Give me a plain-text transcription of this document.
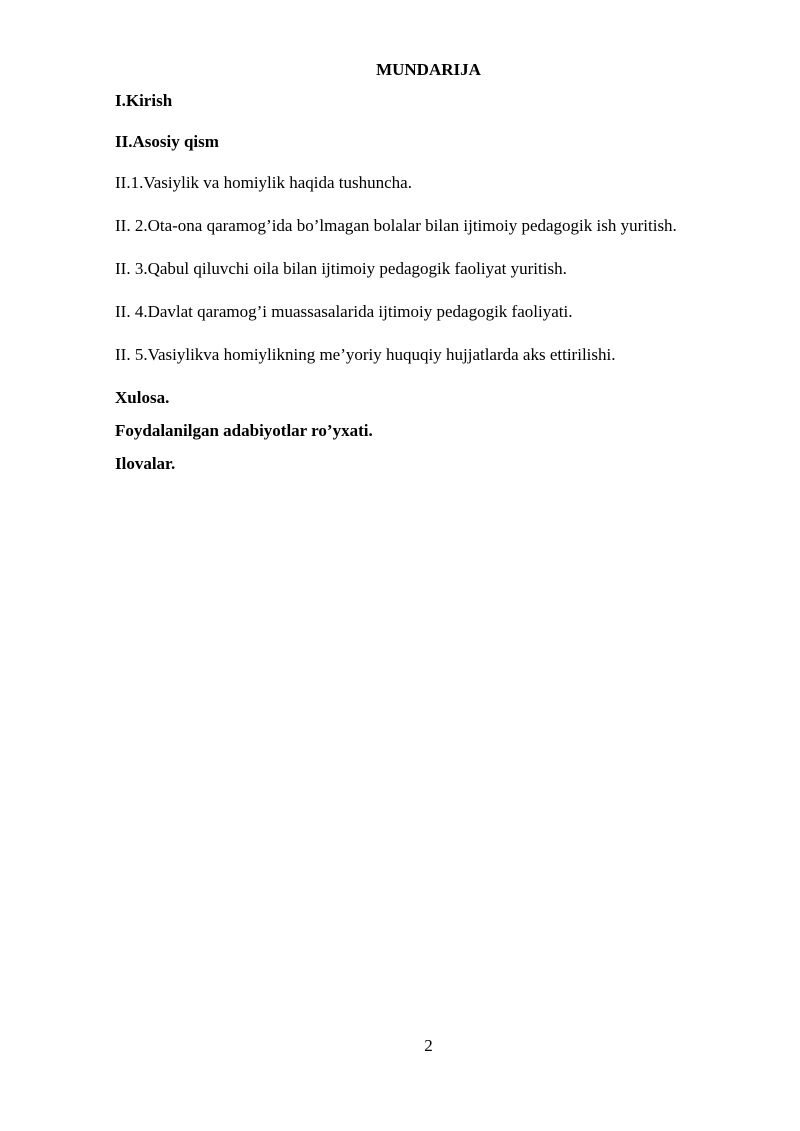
MUNDARIJA

I.Kirish

II.Asosiy qism

II.1.Vasiylik va homiylik haqida tushuncha.

II. 2.Ota-ona qaramog’ida bo’lmagan bolalar bilan ijtimoiy pedagogik ish yuritish.

II. 3.Qabul qiluvchi oila bilan ijtimoiy pedagogik faoliyat yuritish.

II. 4.Davlat qaramog’i muassasalarida ijtimoiy pedagogik faoliyati.

II. 5.Vasiylikva homiylikning me’yoriy huquqiy hujjatlarda aks ettirilishi.

Xulosa.

Foydalanilgan adabiyotlar ro’yxati.

Ilovalar.

2
